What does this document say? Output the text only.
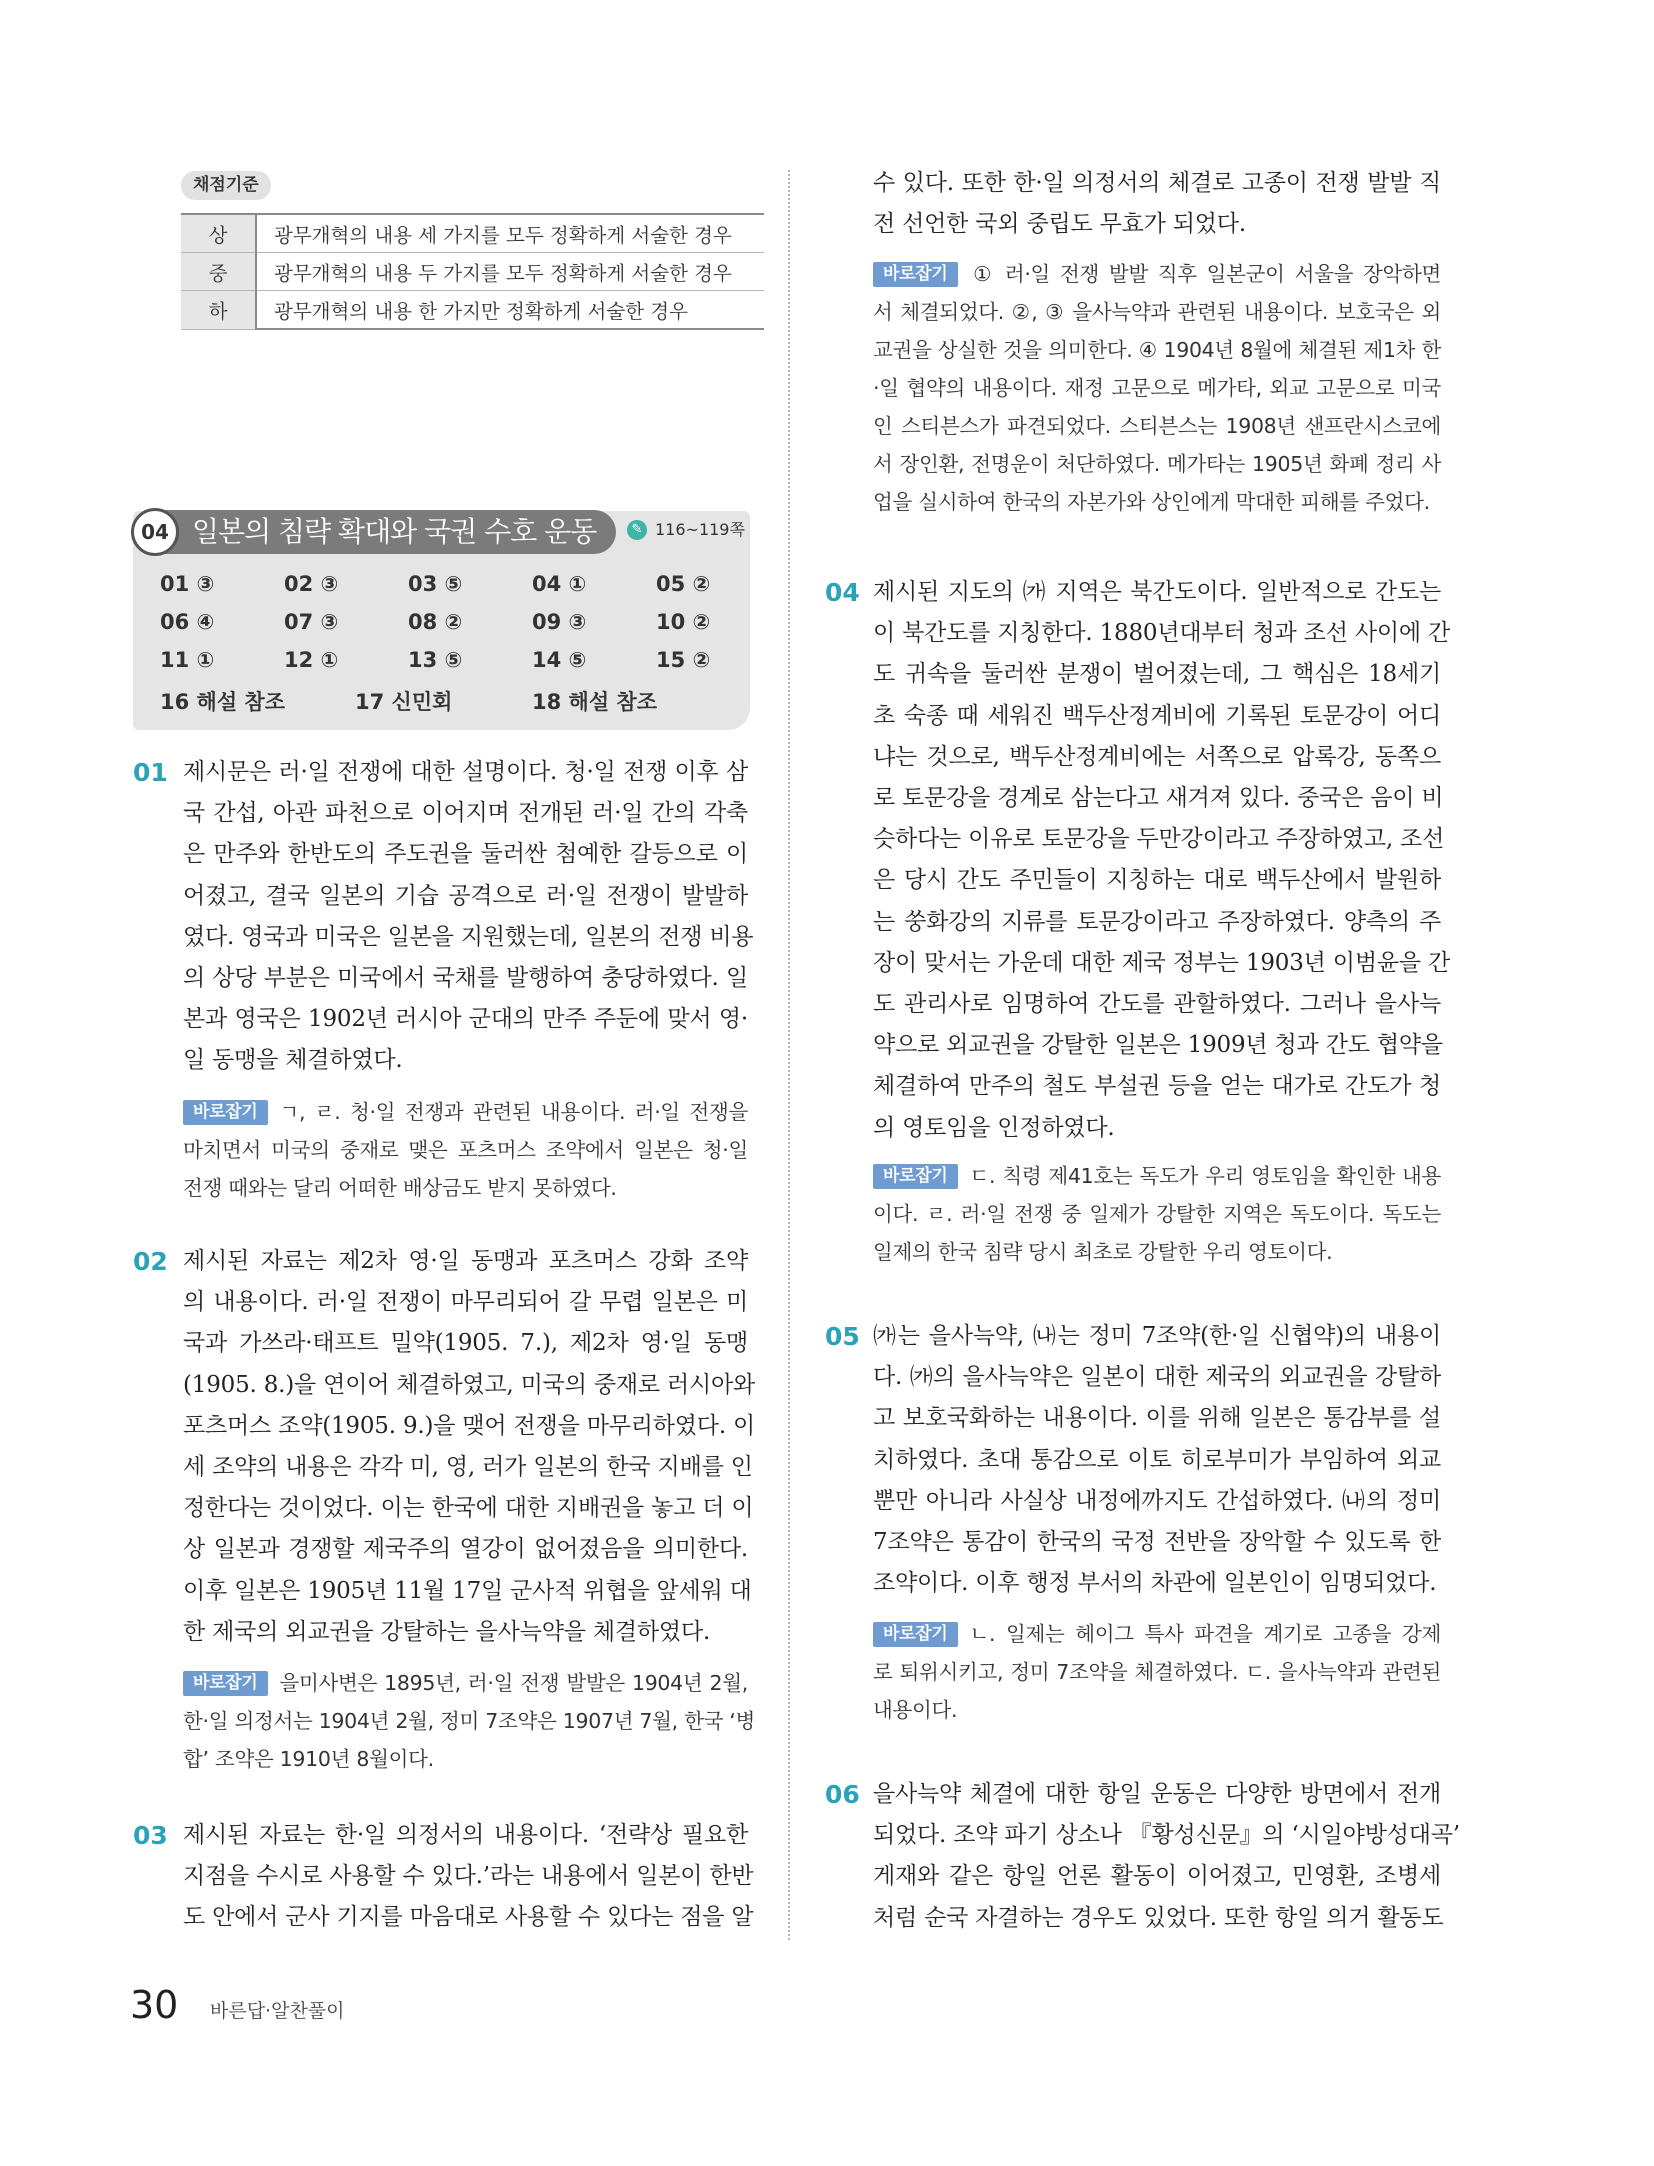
채점기준
상	광무개혁의 내용 세 가지를 모두 정확하게 서술한 경우
중	광무개혁의 내용 두 가지를 모두 정확하게 서술한 경우
하	광무개혁의 내용 한 가지만 정확하게 서술한 경우
04 일본의 침략 확대와 국권 수호 운동	✎ 116~119쪽
01 ③	02 ③	03 ⑤	04 ①	05 ②
06 ④	07 ③	08 ②	09 ③	10 ②
11 ①	12 ①	13 ⑤	14 ⑤	15 ②
16 해설 참조	17 신민회	18 해설 참조
01 제시문은 러·일 전쟁에 대한 설명이다. 청·일 전쟁 이후 삼
국 간섭, 아관 파천으로 이어지며 전개된 러·일 간의 각축
은 만주와 한반도의 주도권을 둘러싼 첨예한 갈등으로 이
어졌고, 결국 일본의 기습 공격으로 러·일 전쟁이 발발하
였다. 영국과 미국은 일본을 지원했는데, 일본의 전쟁 비용
의 상당 부분은 미국에서 국채를 발행하여 충당하였다. 일
본과 영국은 1902년 러시아 군대의 만주 주둔에 맞서 영·
일 동맹을 체결하였다.
바로잡기 ㄱ, ㄹ. 청·일 전쟁과 관련된 내용이다. 러·일 전쟁을
마치면서 미국의 중재로 맺은 포츠머스 조약에서 일본은 청·일
전쟁 때와는 달리 어떠한 배상금도 받지 못하였다.
02 제시된 자료는 제2차 영·일 동맹과 포츠머스 강화 조약
의 내용이다. 러·일 전쟁이 마무리되어 갈 무렵 일본은 미
국과 가쓰라·태프트 밀약(1905. 7.), 제2차 영·일 동맹
(1905. 8.)을 연이어 체결하였고, 미국의 중재로 러시아와
포츠머스 조약(1905. 9.)을 맺어 전쟁을 마무리하였다. 이
세 조약의 내용은 각각 미, 영, 러가 일본의 한국 지배를 인
정한다는 것이었다. 이는 한국에 대한 지배권을 놓고 더 이
상 일본과 경쟁할 제국주의 열강이 없어졌음을 의미한다.
이후 일본은 1905년 11월 17일 군사적 위협을 앞세워 대
한 제국의 외교권을 강탈하는 을사늑약을 체결하였다.
바로잡기 을미사변은 1895년, 러·일 전쟁 발발은 1904년 2월,
한·일 의정서는 1904년 2월, 정미 7조약은 1907년 7월, 한국 ‘병
합’ 조약은 1910년 8월이다.
03 제시된 자료는 한·일 의정서의 내용이다. ‘전략상 필요한
지점을 수시로 사용할 수 있다.’라는 내용에서 일본이 한반
도 안에서 군사 기지를 마음대로 사용할 수 있다는 점을 알
수 있다. 또한 한·일 의정서의 체결로 고종이 전쟁 발발 직
전 선언한 국외 중립도 무효가 되었다.
바로잡기 ① 러·일 전쟁 발발 직후 일본군이 서울을 장악하면
서 체결되었다. ②, ③ 을사늑약과 관련된 내용이다. 보호국은 외
교권을 상실한 것을 의미한다. ④ 1904년 8월에 체결된 제1차 한
·일 협약의 내용이다. 재정 고문으로 메가타, 외교 고문으로 미국
인 스티븐스가 파견되었다. 스티븐스는 1908년 샌프란시스코에
서 장인환, 전명운이 처단하였다. 메가타는 1905년 화폐 정리 사
업을 실시하여 한국의 자본가와 상인에게 막대한 피해를 주었다.
04 제시된 지도의 ㈎ 지역은 북간도이다. 일반적으로 간도는
이 북간도를 지칭한다. 1880년대부터 청과 조선 사이에 간
도 귀속을 둘러싼 분쟁이 벌어졌는데, 그 핵심은 18세기
초 숙종 때 세워진 백두산정계비에 기록된 토문강이 어디
냐는 것으로, 백두산정계비에는 서쪽으로 압록강, 동쪽으
로 토문강을 경계로 삼는다고 새겨져 있다. 중국은 음이 비
슷하다는 이유로 토문강을 두만강이라고 주장하였고, 조선
은 당시 간도 주민들이 지칭하는 대로 백두산에서 발원하
는 쑹화강의 지류를 토문강이라고 주장하였다. 양측의 주
장이 맞서는 가운데 대한 제국 정부는 1903년 이범윤을 간
도 관리사로 임명하여 간도를 관할하였다. 그러나 을사늑
약으로 외교권을 강탈한 일본은 1909년 청과 간도 협약을
체결하여 만주의 철도 부설권 등을 얻는 대가로 간도가 청
의 영토임을 인정하였다.
바로잡기 ㄷ. 칙령 제41호는 독도가 우리 영토임을 확인한 내용
이다. ㄹ. 러·일 전쟁 중 일제가 강탈한 지역은 독도이다. 독도는
일제의 한국 침략 당시 최초로 강탈한 우리 영토이다.
05 ㈎는 을사늑약, ㈏는 정미 7조약(한·일 신협약)의 내용이
다. ㈎의 을사늑약은 일본이 대한 제국의 외교권을 강탈하
고 보호국화하는 내용이다. 이를 위해 일본은 통감부를 설
치하였다. 초대 통감으로 이토 히로부미가 부임하여 외교
뿐만 아니라 사실상 내정에까지도 간섭하였다. ㈏의 정미
7조약은 통감이 한국의 국정 전반을 장악할 수 있도록 한
조약이다. 이후 행정 부서의 차관에 일본인이 임명되었다.
바로잡기 ㄴ. 일제는 헤이그 특사 파견을 계기로 고종을 강제
로 퇴위시키고, 정미 7조약을 체결하였다. ㄷ. 을사늑약과 관련된
내용이다.
06 을사늑약 체결에 대한 항일 운동은 다양한 방면에서 전개
되었다. 조약 파기 상소나 『황성신문』의 ‘시일야방성대곡’
게재와 같은 항일 언론 활동이 이어졌고, 민영환, 조병세
처럼 순국 자결하는 경우도 있었다. 또한 항일 의거 활동도
30 바른답·알찬풀이
